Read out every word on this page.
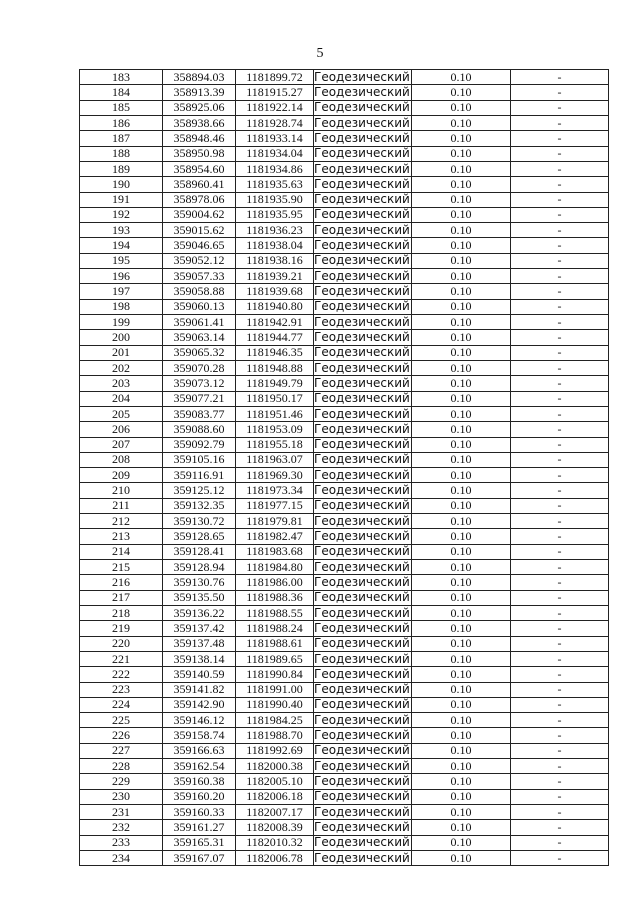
5
183	358894.03	1181899.72	Геодезический	0.10	-
184	358913.39	1181915.27	Геодезический	0.10	-
185	358925.06	1181922.14	Геодезический	0.10	-
186	358938.66	1181928.74	Геодезический	0.10	-
187	358948.46	1181933.14	Геодезический	0.10	-
188	358950.98	1181934.04	Геодезический	0.10	-
189	358954.60	1181934.86	Геодезический	0.10	-
190	358960.41	1181935.63	Геодезический	0.10	-
191	358978.06	1181935.90	Геодезический	0.10	-
192	359004.62	1181935.95	Геодезический	0.10	-
193	359015.62	1181936.23	Геодезический	0.10	-
194	359046.65	1181938.04	Геодезический	0.10	-
195	359052.12	1181938.16	Геодезический	0.10	-
196	359057.33	1181939.21	Геодезический	0.10	-
197	359058.88	1181939.68	Геодезический	0.10	-
198	359060.13	1181940.80	Геодезический	0.10	-
199	359061.41	1181942.91	Геодезический	0.10	-
200	359063.14	1181944.77	Геодезический	0.10	-
201	359065.32	1181946.35	Геодезический	0.10	-
202	359070.28	1181948.88	Геодезический	0.10	-
203	359073.12	1181949.79	Геодезический	0.10	-
204	359077.21	1181950.17	Геодезический	0.10	-
205	359083.77	1181951.46	Геодезический	0.10	-
206	359088.60	1181953.09	Геодезический	0.10	-
207	359092.79	1181955.18	Геодезический	0.10	-
208	359105.16	1181963.07	Геодезический	0.10	-
209	359116.91	1181969.30	Геодезический	0.10	-
210	359125.12	1181973.34	Геодезический	0.10	-
211	359132.35	1181977.15	Геодезический	0.10	-
212	359130.72	1181979.81	Геодезический	0.10	-
213	359128.65	1181982.47	Геодезический	0.10	-
214	359128.41	1181983.68	Геодезический	0.10	-
215	359128.94	1181984.80	Геодезический	0.10	-
216	359130.76	1181986.00	Геодезический	0.10	-
217	359135.50	1181988.36	Геодезический	0.10	-
218	359136.22	1181988.55	Геодезический	0.10	-
219	359137.42	1181988.24	Геодезический	0.10	-
220	359137.48	1181988.61	Геодезический	0.10	-
221	359138.14	1181989.65	Геодезический	0.10	-
222	359140.59	1181990.84	Геодезический	0.10	-
223	359141.82	1181991.00	Геодезический	0.10	-
224	359142.90	1181990.40	Геодезический	0.10	-
225	359146.12	1181984.25	Геодезический	0.10	-
226	359158.74	1181988.70	Геодезический	0.10	-
227	359166.63	1181992.69	Геодезический	0.10	-
228	359162.54	1182000.38	Геодезический	0.10	-
229	359160.38	1182005.10	Геодезический	0.10	-
230	359160.20	1182006.18	Геодезический	0.10	-
231	359160.33	1182007.17	Геодезический	0.10	-
232	359161.27	1182008.39	Геодезический	0.10	-
233	359165.31	1182010.32	Геодезический	0.10	-
234	359167.07	1182006.78	Геодезический	0.10	-
